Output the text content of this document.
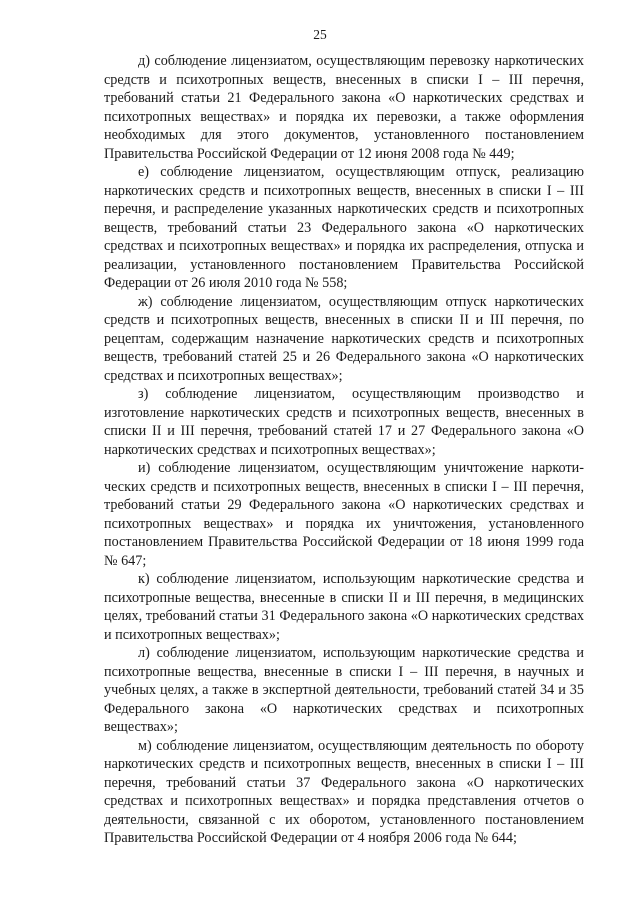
25

д) соблюдение лицензиатом, осуществляющим перевозку наркотических средств и психотропных веществ, внесенных в списки I – III перечня, требований статьи 21 Федерального закона «О наркотических средствах и психотропных веществах» и порядка их перевозки, а также оформления необходимых для этого документов, установленного постановлением Правительства Российской Федерации от 12 июня 2008 года № 449;

е) соблюдение лицензиатом, осуществляющим отпуск, реализацию наркотических средств и психотропных веществ, внесенных в списки I – III перечня, и распределение указанных наркотических средств и психотропных веществ, требований статьи 23 Федерального закона «О наркотических средствах и психотропных веществах» и порядка их распределения, отпуска и реализации, установленного постановлением Правительства Российской Федерации от 26 июля 2010 года № 558;

ж) соблюдение лицензиатом, осуществляющим отпуск наркотических средств и психотропных веществ, внесенных в списки II и III перечня, по рецептам, содержащим назначение наркотических средств и психотропных веществ, требований статей 25 и 26 Федерального закона «О наркотических средствах и психотропных веществах»;

з) соблюдение лицензиатом, осуществляющим производство и изготовление наркотических средств и психотропных веществ, внесенных в списки II и III перечня, требований статей 17 и 27 Федерального закона «О наркотических средствах и психотропных веществах»;

и) соблюдение лицензиатом, осуществляющим уничтожение наркотических средств и психотропных веществ, внесенных в списки I – III перечня, требований статьи 29 Федерального закона «О наркотических средствах и психотропных веществах» и порядка их уничтожения, установленного постановлением Правительства Российской Федерации от 18 июня 1999 года № 647;

к) соблюдение лицензиатом, использующим наркотические средства и психотропные вещества, внесенные в списки II и III перечня, в медицинских целях, требований статьи 31 Федерального закона «О наркотических средствах и психотропных веществах»;

л) соблюдение лицензиатом, использующим наркотические средства и психотропные вещества, внесенные в списки I – III перечня, в научных и учебных целях, а также в экспертной деятельности, требований статей 34 и 35 Федерального закона «О наркотических средствах и психотропных веществах»;

м) соблюдение лицензиатом, осуществляющим деятельность по обороту наркотических средств и психотропных веществ, внесенных в списки I – III перечня, требований статьи 37 Федерального закона «О наркотических средствах и психотропных веществах» и порядка представления отчетов о деятельности, связанной с их оборотом, установленного постановлением Правительства Российской Федерации от 4 ноября 2006 года № 644;
